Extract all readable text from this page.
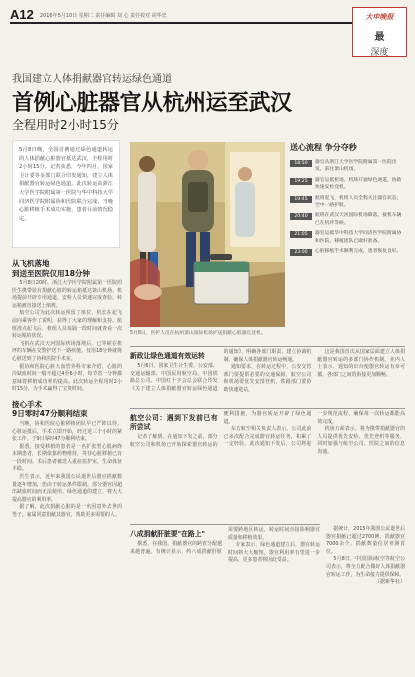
A12 2016年5月10日 星期二 责任编辑 刘 心 责任校对 胡华忠	大申晚报
最
深度
我国建立人体捐献器官转运绿色通道
首例心脏器官从杭州运至武汉
全程用时2小时15分

5月8日晚，全国首例通过绿色通道转运的人体捐献心脏器官抵达武汉，全程用时2小时15分。记者获悉，今年四月，国家卫计委等多部门联合印发通知，建立人体捐献器官转运绿色通道。此次转运由浙江大学医学院附属第一医院与华中科技大学同济医学院附属协和医院联合完成，当晚心脏移植手术成功实施，患者目前情况稳定。

5月8日，医护人员在杭州萧山国际机场护送捐献心脏器官登机。
送心流程 争分夺秒
18:50	器官从浙江大学医学院附属第一医院出发，前往萧山机场。
19:25	器官运抵机场，机场开通绿色通道，协助快速安检登机。
19:45	航班起飞，机组人员全程关注器官状态，空中一路护航。
20:40	航班在武汉天河国际机场降落，接机车辆已在机坪等候。
21:05	器官运抵华中科技大学同济医学院附属协和医院，移植团队已做好准备。
23:00	心脏移植手术顺利完成，患者恢复良好。

从飞机落地
到送至医院仅用18分钟

5月8日20时，浙江大学医学院附属第一医院的医生携带装有捐献心脏的转运箱抵达萧山机场。机场提前开辟专用通道，安检人员快速完成查验，转运箱被直接送上航班。

航空公司为此次转运预留了座位，机长在起飞前向乘客作了说明，获得了大家的理解和支持。航班准点起飞后，机组人员每隔一段时间就查看一次转运箱的状况。

飞机在武汉天河国际机场落地后，已等候在机坪的车辆在交警护送下一路疾驰，仅用18分钟就将心脏送到了协和医院手术室。

据协和医院心脏大血管外科专家介绍，心脏的冷缺血时间一般不超过4至6小时，每节省一分钟都意味着移植成功率的提高。此次转运全程用时2小时15分，为手术赢得了宝贵时间。

接心手术
9日零时47分顺利结束

当晚，协和医院心脏移植团队早已严阵以待。心脏运抵后，手术立即开始，经过近三个小时的紧张工作，于9日零时47分顺利结束。

据悉，接受移植的患者是一名扩张型心肌病终末期患者，长期依靠药物维持，等待心脏移植已有一段时间。术后患者被送入重症监护室，生命体征平稳。

医生表示，近年来我国公民逝世后器官捐献数量逐年增加，但由于转运条件限制，部分器官因超出缺血时间而无法使用。绿色通道的建立，将大大提高器官的利用率。

据了解，此次捐献心脏的是一名因意外去世的男子，家属同意捐献其器官，帮助更多需要的人。

新政让绿色通道有效运转

5月6日，国家卫生计生委、公安部、交通运输部、中国民用航空局、中国铁路总公司、中国红十字会总会联合印发《关于建立人体捐献器官转运绿色通道的通知》，明确各部门职责，建立协调机制，确保人体捐献器官转运畅通。

通知要求，在转运过程中，公安交管部门要提供必要的交通保障，航空公司和机场要优先安排登机，铁路部门要协助快速进站。

这是我国首次从国家层面建立人体捐献器官转运的多部门协作机制。业内人士表示，通知的出台使器官转运有章可循，各部门之间的衔接更加顺畅。

航空公司：遇到下发前已有所尝试

记者了解到，在通知下发之前，部分航空公司和机场已开始探索器官转运的便利措施，为器官转运开辟了绿色通道。

东方航空相关负责人表示，公司此前已多次配合完成器官转运任务，积累了一定经验。此次通知下发后，公司将进一步规范流程，确保每一次转运都能高效完成。

机场方面表示，将为携带捐献器官的人员提供优先安检、优先登机等服务，同时加强与航空公司、医院之间的信息沟通。

八成捐献肝脏要"在路上"

据悉，在我国，捐献器官的跨省分配越来越普遍。有统计显示，约八成捐献肝脏需要跨地区转运，转运时间直接影响器官质量和移植效果。

专家表示，绿色通道建立后，器官转运时间将大大缩短，器官利用率有望进一步提高，更多患者将因此受益。

据统计，2015年我国公民逝世后器官捐献已超过2700例，捐献器官7000余个，捐献数量位居亚洲首位。

5月8日，中国国际航空等航空公司表示，将全力配合做好人体捐献器官转运工作，为生命接力提供保障。

（据新华社）
